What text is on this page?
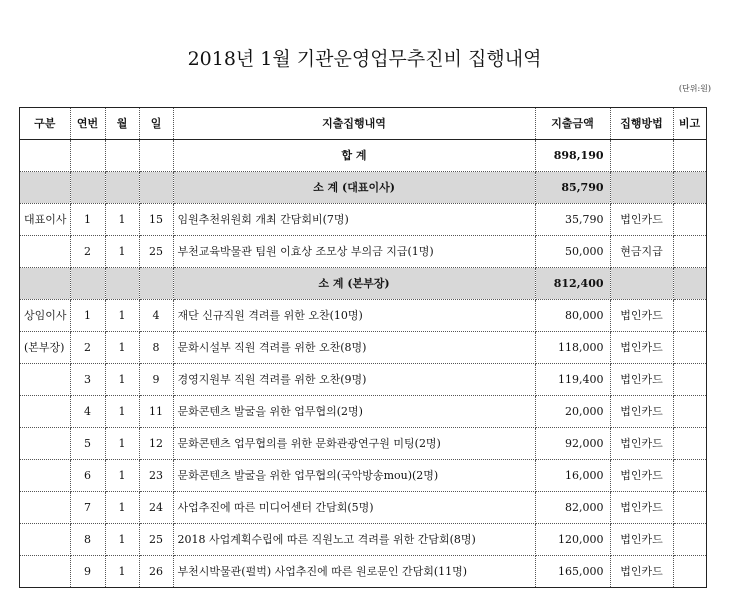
2018년 1월 기관운영업무추진비 집행내역
(단위:원)
구분	연번	월	일	지출집행내역	지출금액	집행방법	비고
				합 계	898,190		
				소 계 (대표이사)	85,790		
대표이사	1	1	15	임원추천위원회 개최 간담회비(7명)	35,790	법인카드	
	2	1	25	부천교육박물관 팀원 이효상 조모상 부의금 지급(1명)	50,000	현금지급	
				소 계 (본부장)	812,400		
상임이사	1	1	4	재단 신규직원 격려를 위한 오찬(10명)	80,000	법인카드	
(본부장)	2	1	8	문화시설부 직원 격려를 위한 오찬(8명)	118,000	법인카드	
	3	1	9	경영지원부 직원 격려를 위한 오찬(9명)	119,400	법인카드	
	4	1	11	문화콘텐츠 발굴을 위한 업무협의(2명)	20,000	법인카드	
	5	1	12	문화콘텐츠 업무협의를 위한 문화관광연구원 미팅(2명)	92,000	법인카드	
	6	1	23	문화콘텐츠 발굴을 위한 업무협의(국악방송mou)(2명)	16,000	법인카드	
	7	1	24	사업추진에 따른 미디어센터 간담회(5명)	82,000	법인카드	
	8	1	25	2018 사업계획수립에 따른 직원노고 격려를 위한 간담회(8명)	120,000	법인카드	
	9	1	26	부천시박물관(펄벅) 사업추진에 따른 원로문인 간담회(11명)	165,000	법인카드	
